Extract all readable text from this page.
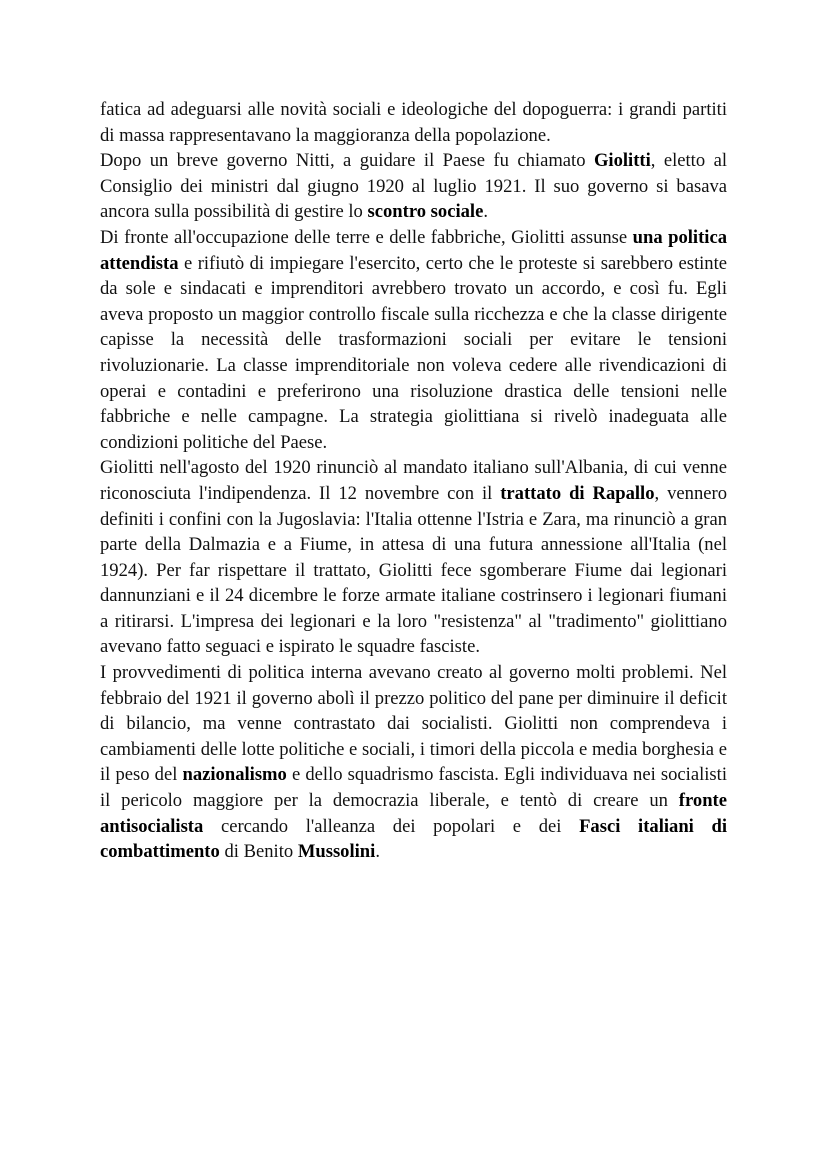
fatica ad adeguarsi alle novità sociali e ideologiche del dopoguerra: i grandi partiti di massa rappresentavano la maggioranza della popolazione.

Dopo un breve governo Nitti, a guidare il Paese fu chiamato Giolitti, eletto al Consiglio dei ministri dal giugno 1920 al luglio 1921. Il suo governo si basava ancora sulla possibilità di gestire lo scontro sociale.

Di fronte all'occupazione delle terre e delle fabbriche, Giolitti assunse una politica attendista e rifiutò di impiegare l'esercito, certo che le proteste si sarebbero estinte da sole e sindacati e imprenditori avrebbero trovato un accordo, e così fu. Egli aveva proposto un maggior controllo fiscale sulla ricchezza e che la classe dirigente capisse la necessità delle trasformazioni sociali per evitare le tensioni rivoluzionarie. La classe imprenditoriale non voleva cedere alle rivendicazioni di operai e contadini e preferirono una risoluzione drastica delle tensioni nelle fabbriche e nelle campagne. La strategia giolittiana si rivelò inadeguata alle condizioni politiche del Paese.

Giolitti nell'agosto del 1920 rinunciò al mandato italiano sull'Albania, di cui venne riconosciuta l'indipendenza. Il 12 novembre con il trattato di Rapallo, vennero definiti i confini con la Jugoslavia: l'Italia ottenne l'Istria e Zara, ma rinunciò a gran parte della Dalmazia e a Fiume, in attesa di una futura annessione all'Italia (nel 1924). Per far rispettare il trattato, Giolitti fece sgomberare Fiume dai legionari dannunziani e il 24 dicembre le forze armate italiane costrinsero i legionari fiumani a ritirarsi. L'impresa dei legionari e la loro "resistenza" al "tradimento" giolittiano avevano fatto seguaci e ispirato le squadre fasciste.

I provvedimenti di politica interna avevano creato al governo molti problemi. Nel febbraio del 1921 il governo abolì il prezzo politico del pane per diminuire il deficit di bilancio, ma venne contrastato dai socialisti. Giolitti non comprendeva i cambiamenti delle lotte politiche e sociali, i timori della piccola e media borghesia e il peso del nazionalismo e dello squadrismo fascista. Egli individuava nei socialisti il pericolo maggiore per la democrazia liberale, e tentò di creare un fronte antisocialista cercando l'alleanza dei popolari e dei Fasci italiani di combattimento di Benito Mussolini.
